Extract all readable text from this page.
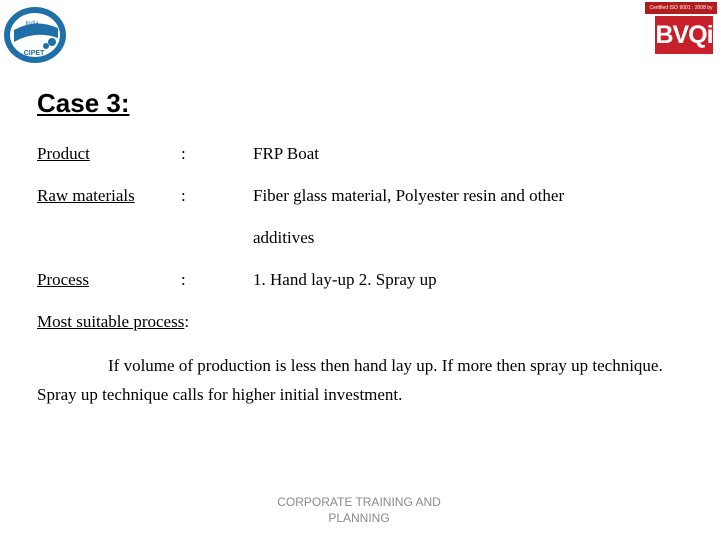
India
CIPET
Certified ISO 9001 : 2008 by
BVQi
Case 3:
Product	:	FRP Boat
Raw materials	:	Fiber glass material, Polyester resin and other
additives
Process	:	1. Hand lay-up 2. Spray up
Most suitable process:
If volume of production is less then hand lay up. If more then spray up technique. Spray up technique calls for higher initial investment.
CORPORATE TRAINING AND
PLANNING
